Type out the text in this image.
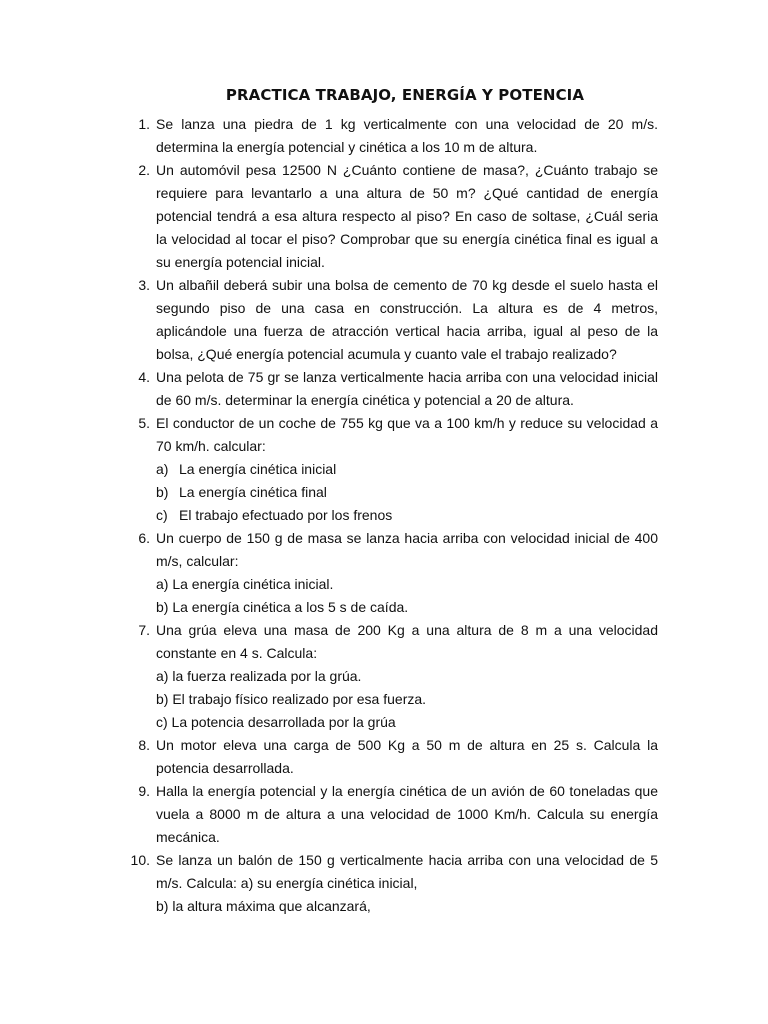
PRACTICA TRABAJO, ENERGÍA Y POTENCIA
1. Se lanza una piedra de 1 kg verticalmente con una velocidad de 20 m/s. determina la energía potencial y cinética a los 10 m de altura.
2. Un automóvil pesa 12500 N ¿Cuánto contiene de masa?, ¿Cuánto trabajo se requiere para levantarlo a una altura de 50 m? ¿Qué cantidad de energía potencial tendrá a esa altura respecto al piso? En caso de soltase, ¿Cuál seria la velocidad al tocar el piso? Comprobar que su energía cinética final es igual a su energía potencial inicial.
3. Un albañil deberá subir una bolsa de cemento de 70 kg desde el suelo hasta el segundo piso de una casa en construcción. La altura es de 4 metros, aplicándole una fuerza de atracción vertical hacia arriba, igual al peso de la bolsa, ¿Qué energía potencial acumula y cuanto vale el trabajo realizado?
4. Una pelota de 75 gr se lanza verticalmente hacia arriba con una velocidad inicial de 60 m/s. determinar la energía cinética y potencial a 20 de altura.
5. El conductor de un coche de 755 kg que va a 100 km/h y reduce su velocidad a 70 km/h. calcular:
a) La energía cinética inicial
b) La energía cinética final
c) El trabajo efectuado por los frenos
6. Un cuerpo de 150 g de masa se lanza hacia arriba con velocidad inicial de 400 m/s, calcular:
a) La energía cinética inicial.
b) La energía cinética a los 5 s de caída.
7. Una grúa eleva una masa de 200 Kg a una altura de 8 m a una velocidad constante en 4 s. Calcula:
a) la fuerza realizada por la grúa.
b) El trabajo físico realizado por esa fuerza.
c) La potencia desarrollada por la grúa
8. Un motor eleva una carga de 500 Kg a 50 m de altura en 25 s. Calcula la potencia desarrollada.
9. Halla la energía potencial y la energía cinética de un avión de 60 toneladas que vuela a 8000 m de altura a una velocidad de 1000 Km/h. Calcula su energía mecánica.
10. Se lanza un balón de 150 g verticalmente hacia arriba con una velocidad de 5 m/s. Calcula: a) su energía cinética inicial,
b) la altura máxima que alcanzará,
